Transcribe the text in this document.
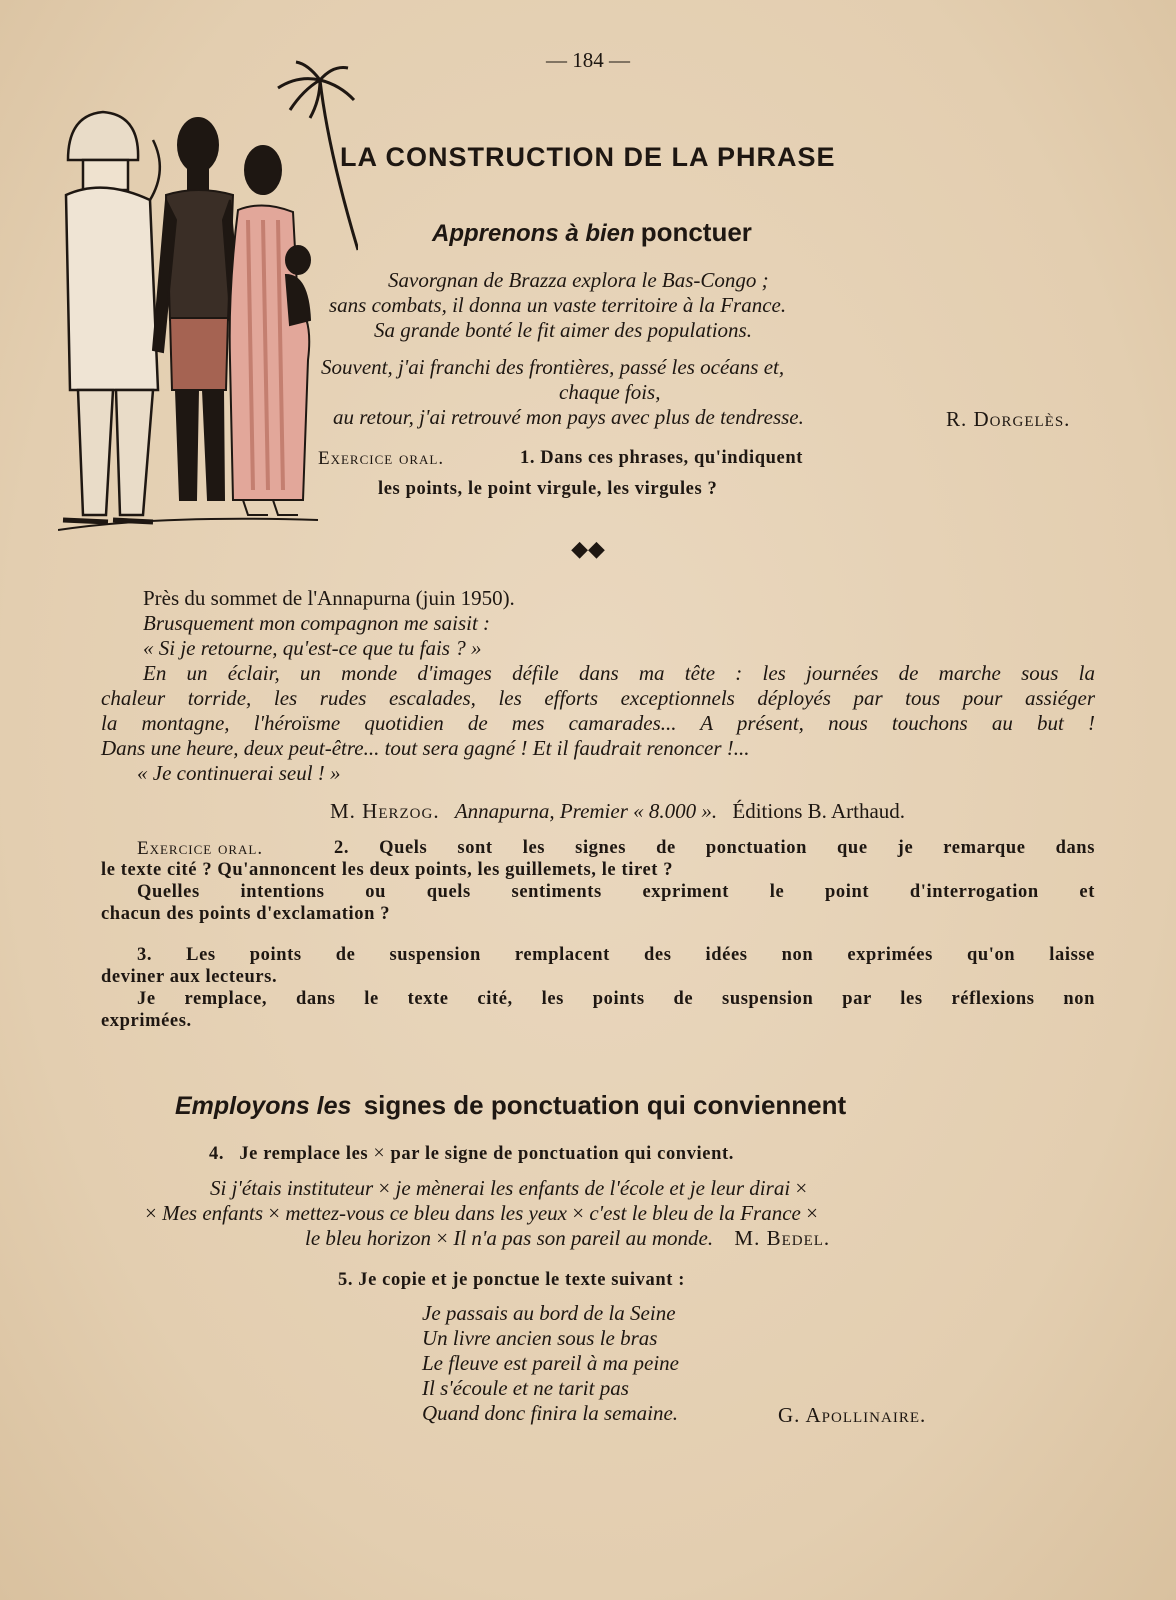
— 184 —
LA CONSTRUCTION DE LA PHRASE
Apprenons à bien ponctuer
Savorgnan de Brazza explora le Bas-Congo ;
sans combats, il donna un vaste territoire à la France.
Sa grande bonté le fit aimer des populations.
Souvent, j'ai franchi des frontières, passé les océans et,
chaque fois,
au retour, j'ai retrouvé mon pays avec plus de tendresse.	R. Dorgelès.
Exercice oral.	1. Dans ces phrases, qu'indiquent
les points, le point virgule, les virgules ?
◆◆
Près du sommet de l'Annapurna (juin 1950).
Brusquement mon compagnon me saisit :
« Si je retourne, qu'est-ce que tu fais ? »
En un éclair, un monde d'images défile dans ma tête : les journées de marche sous la
chaleur torride, les rudes escalades, les efforts exceptionnels déployés par tous pour assiéger
la montagne, l'héroïsme quotidien de mes camarades... A présent, nous touchons au but !
Dans une heure, deux peut-être... tout sera gagné ! Et il faudrait renoncer !...
« Je continuerai seul ! »
M. Herzog. Annapurna, Premier « 8.000 ». Éditions B. Arthaud.
Exercice oral.	2. Quels sont les signes de ponctuation que je remarque dans
le texte cité ? Qu'annoncent les deux points, les guillemets, le tiret ?
Quelles intentions ou quels sentiments expriment le point d'interrogation et
chacun des points d'exclamation ?
3. Les points de suspension remplacent des idées non exprimées qu'on laisse
deviner aux lecteurs.
Je remplace, dans le texte cité, les points de suspension par les réflexions non
exprimées.
Employons les signes de ponctuation qui conviennent
4. Je remplace les × par le signe de ponctuation qui convient.
Si j'étais instituteur × je mènerai les enfants de l'école et je leur dirai ×
× Mes enfants × mettez-vous ce bleu dans les yeux × c'est le bleu de la France ×
le bleu horizon × Il n'a pas son pareil au monde. M. Bedel.
5. Je copie et je ponctue le texte suivant :
Je passais au bord de la Seine
Un livre ancien sous le bras
Le fleuve est pareil à ma peine
Il s'écoule et ne tarit pas
Quand donc finira la semaine.	G. Apollinaire.
